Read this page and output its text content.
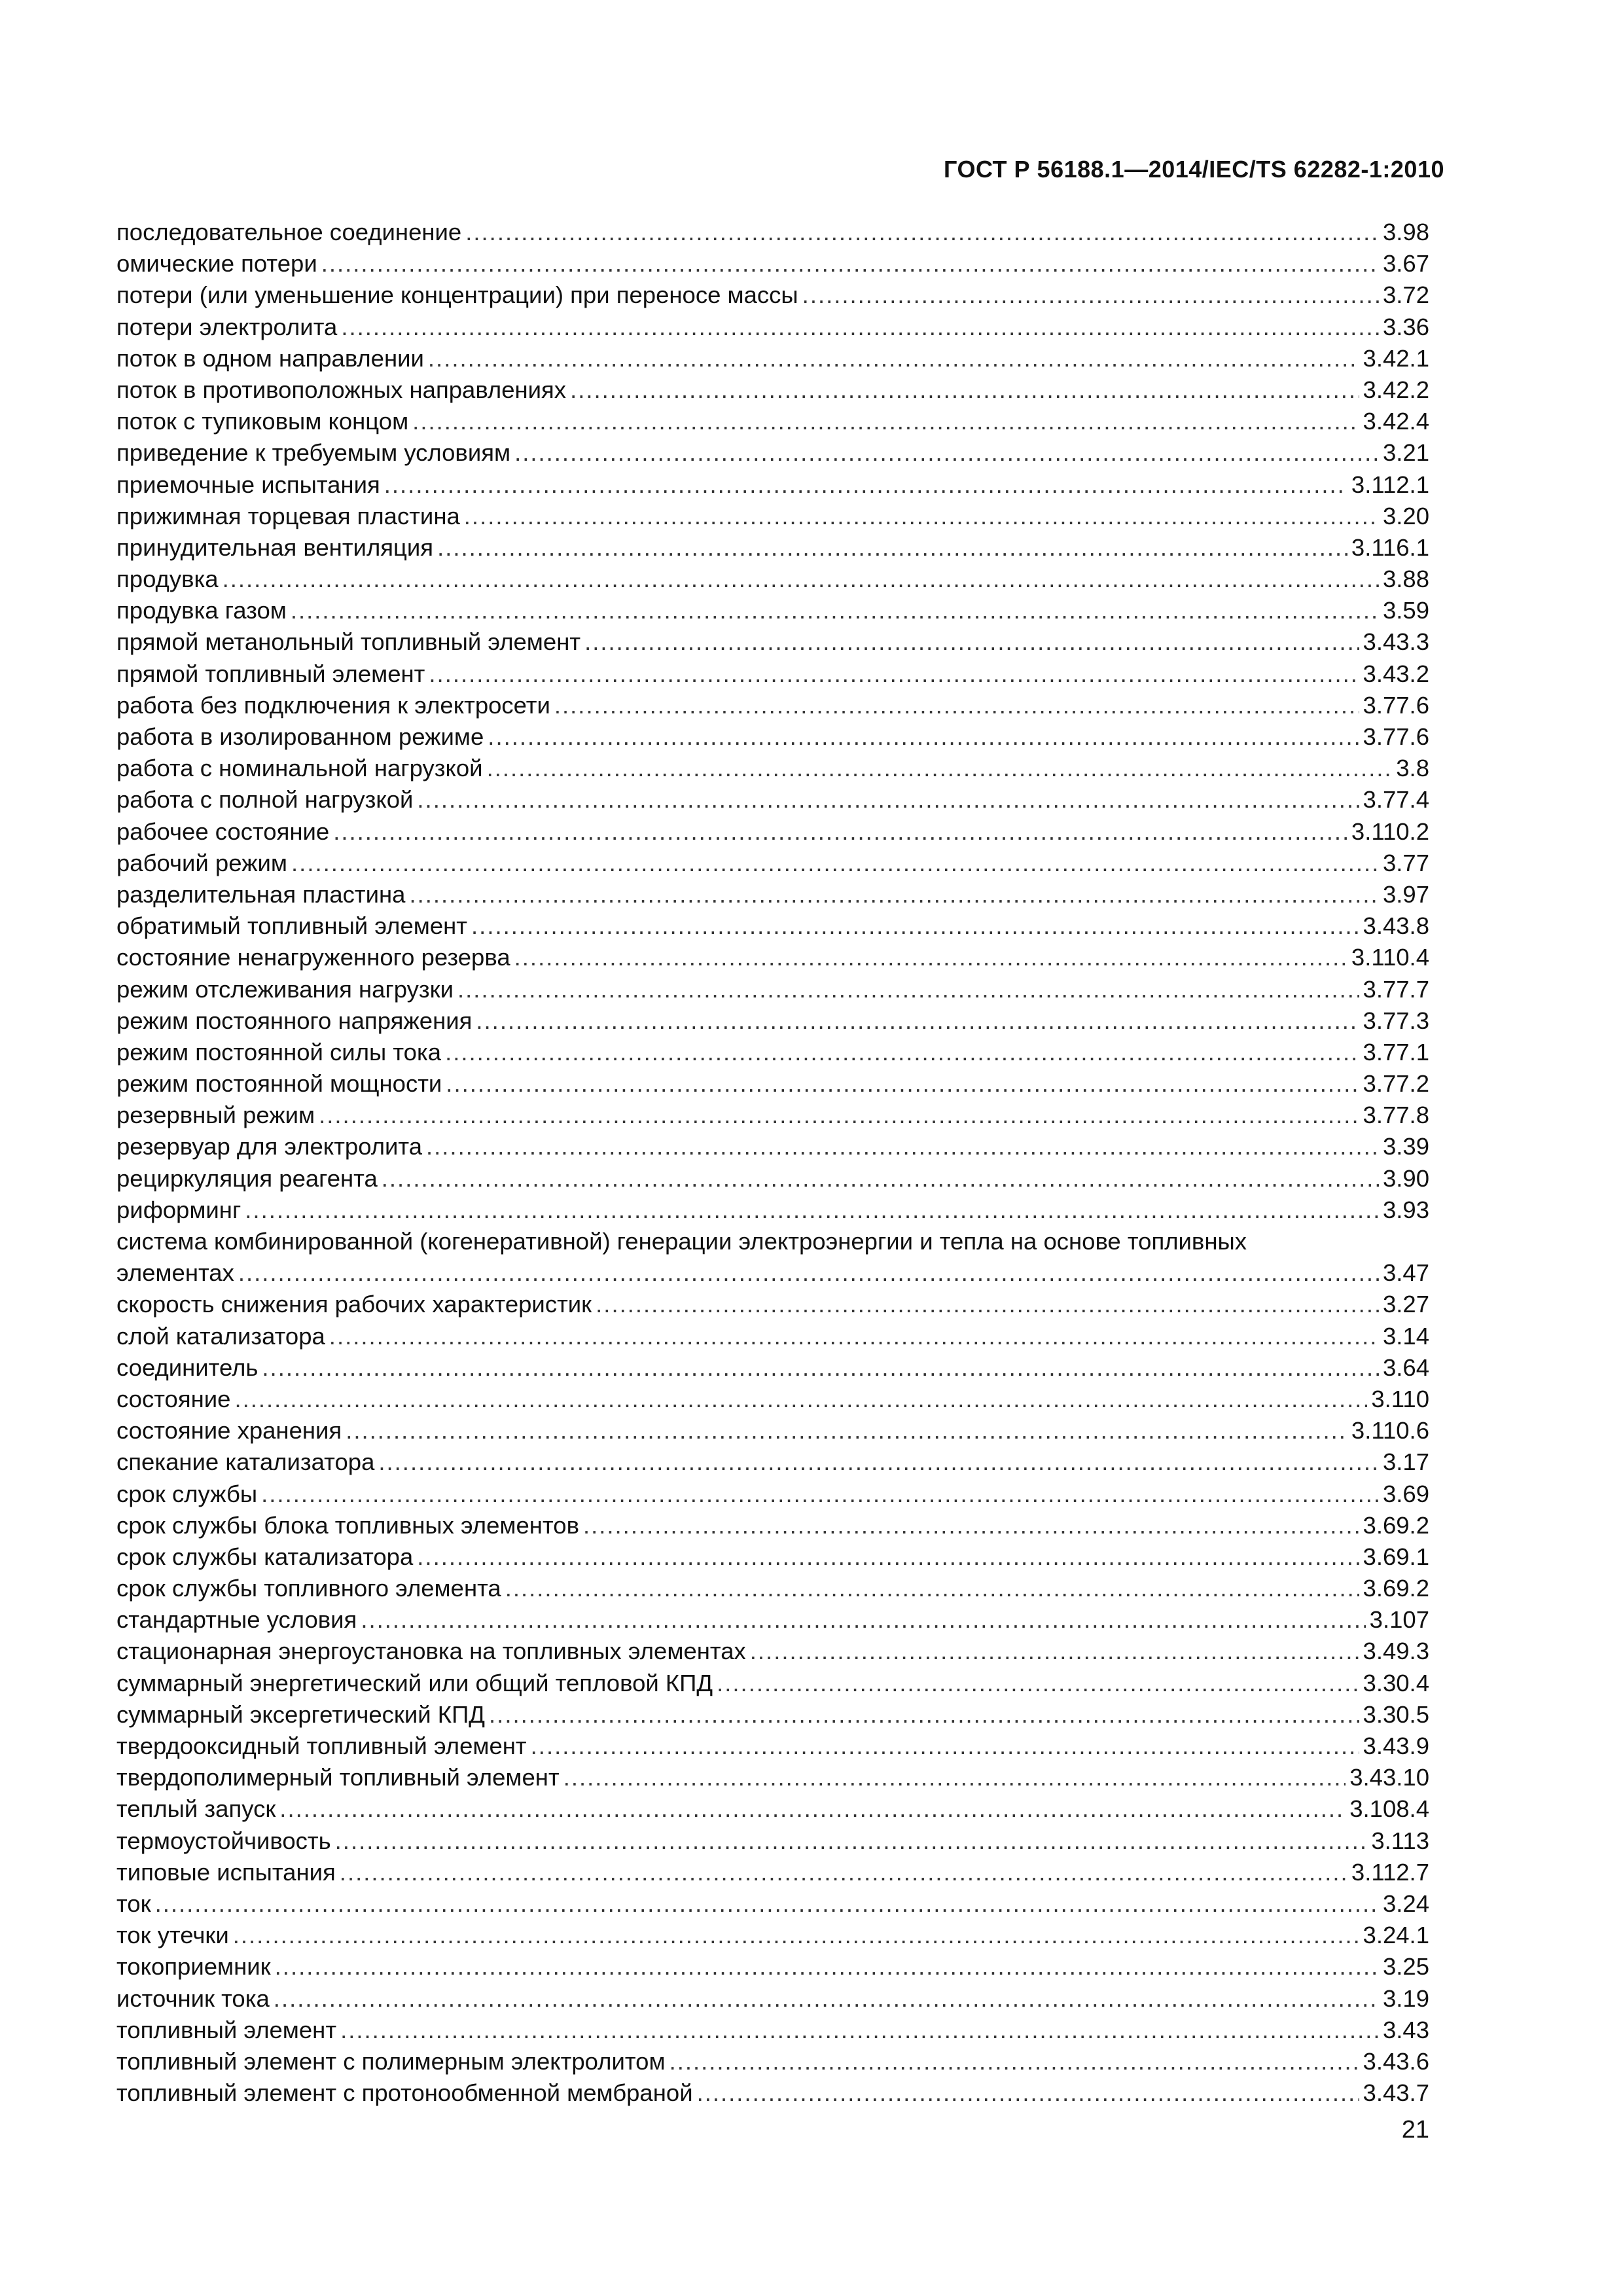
ГОСТ Р 56188.1—2014/IEC/TS 62282-1:2010
последовательное соединение .....	3.98
омические потери .....	3.67
потери (или уменьшение концентрации) при переносе массы .....	3.72
потери электролита .....	3.36
поток в одном направлении .....	3.42.1
поток в противоположных направлениях .....	3.42.2
поток с тупиковым концом .....	3.42.4
приведение к требуемым условиям .....	3.21
приемочные испытания .....	3.112.1
прижимная торцевая пластина .....	3.20
принудительная вентиляция .....	3.116.1
продувка .....	3.88
продувка газом .....	3.59
прямой метанольный топливный элемент .....	3.43.3
прямой топливный элемент .....	3.43.2
работа без подключения к электросети .....	3.77.6
работа в изолированном режиме .....	3.77.6
работа с номинальной нагрузкой .....	3.8
работа с полной нагрузкой .....	3.77.4
рабочее состояние .....	3.110.2
рабочий режим .....	3.77
разделительная пластина .....	3.97
обратимый топливный элемент .....	3.43.8
состояние ненагруженного резерва .....	3.110.4
режим отслеживания нагрузки .....	3.77.7
режим постоянного напряжения .....	3.77.3
режим постоянной силы тока .....	3.77.1
режим постоянной мощности .....	3.77.2
резервный режим .....	3.77.8
резервуар для электролита .....	3.39
рециркуляция реагента .....	3.90
риформинг .....	3.93
система комбинированной (когенеративной) генерации электроэнергии и тепла на основе топливных
элементах .....	3.47
скорость снижения рабочих характеристик .....	3.27
слой катализатора .....	3.14
соединитель .....	3.64
состояние .....	3.110
состояние хранения .....	3.110.6
спекание катализатора .....	3.17
срок службы .....	3.69
срок службы блока топливных элементов .....	3.69.2
срок службы катализатора .....	3.69.1
срок службы топливного элемента .....	3.69.2
стандартные условия .....	3.107
стационарная энергоустановка на топливных элементах .....	3.49.3
суммарный энергетический или общий тепловой КПД .....	3.30.4
суммарный эксергетический КПД .....	3.30.5
твердооксидный топливный элемент .....	3.43.9
твердополимерный топливный элемент .....	3.43.10
теплый запуск .....	3.108.4
термоустойчивость .....	3.113
типовые испытания .....	3.112.7
ток .....	3.24
ток утечки .....	3.24.1
токоприемник .....	3.25
источник тока .....	3.19
топливный элемент .....	3.43
топливный элемент с полимерным электролитом .....	3.43.6
топливный элемент с протонообменной мембраной .....	3.43.7
21
